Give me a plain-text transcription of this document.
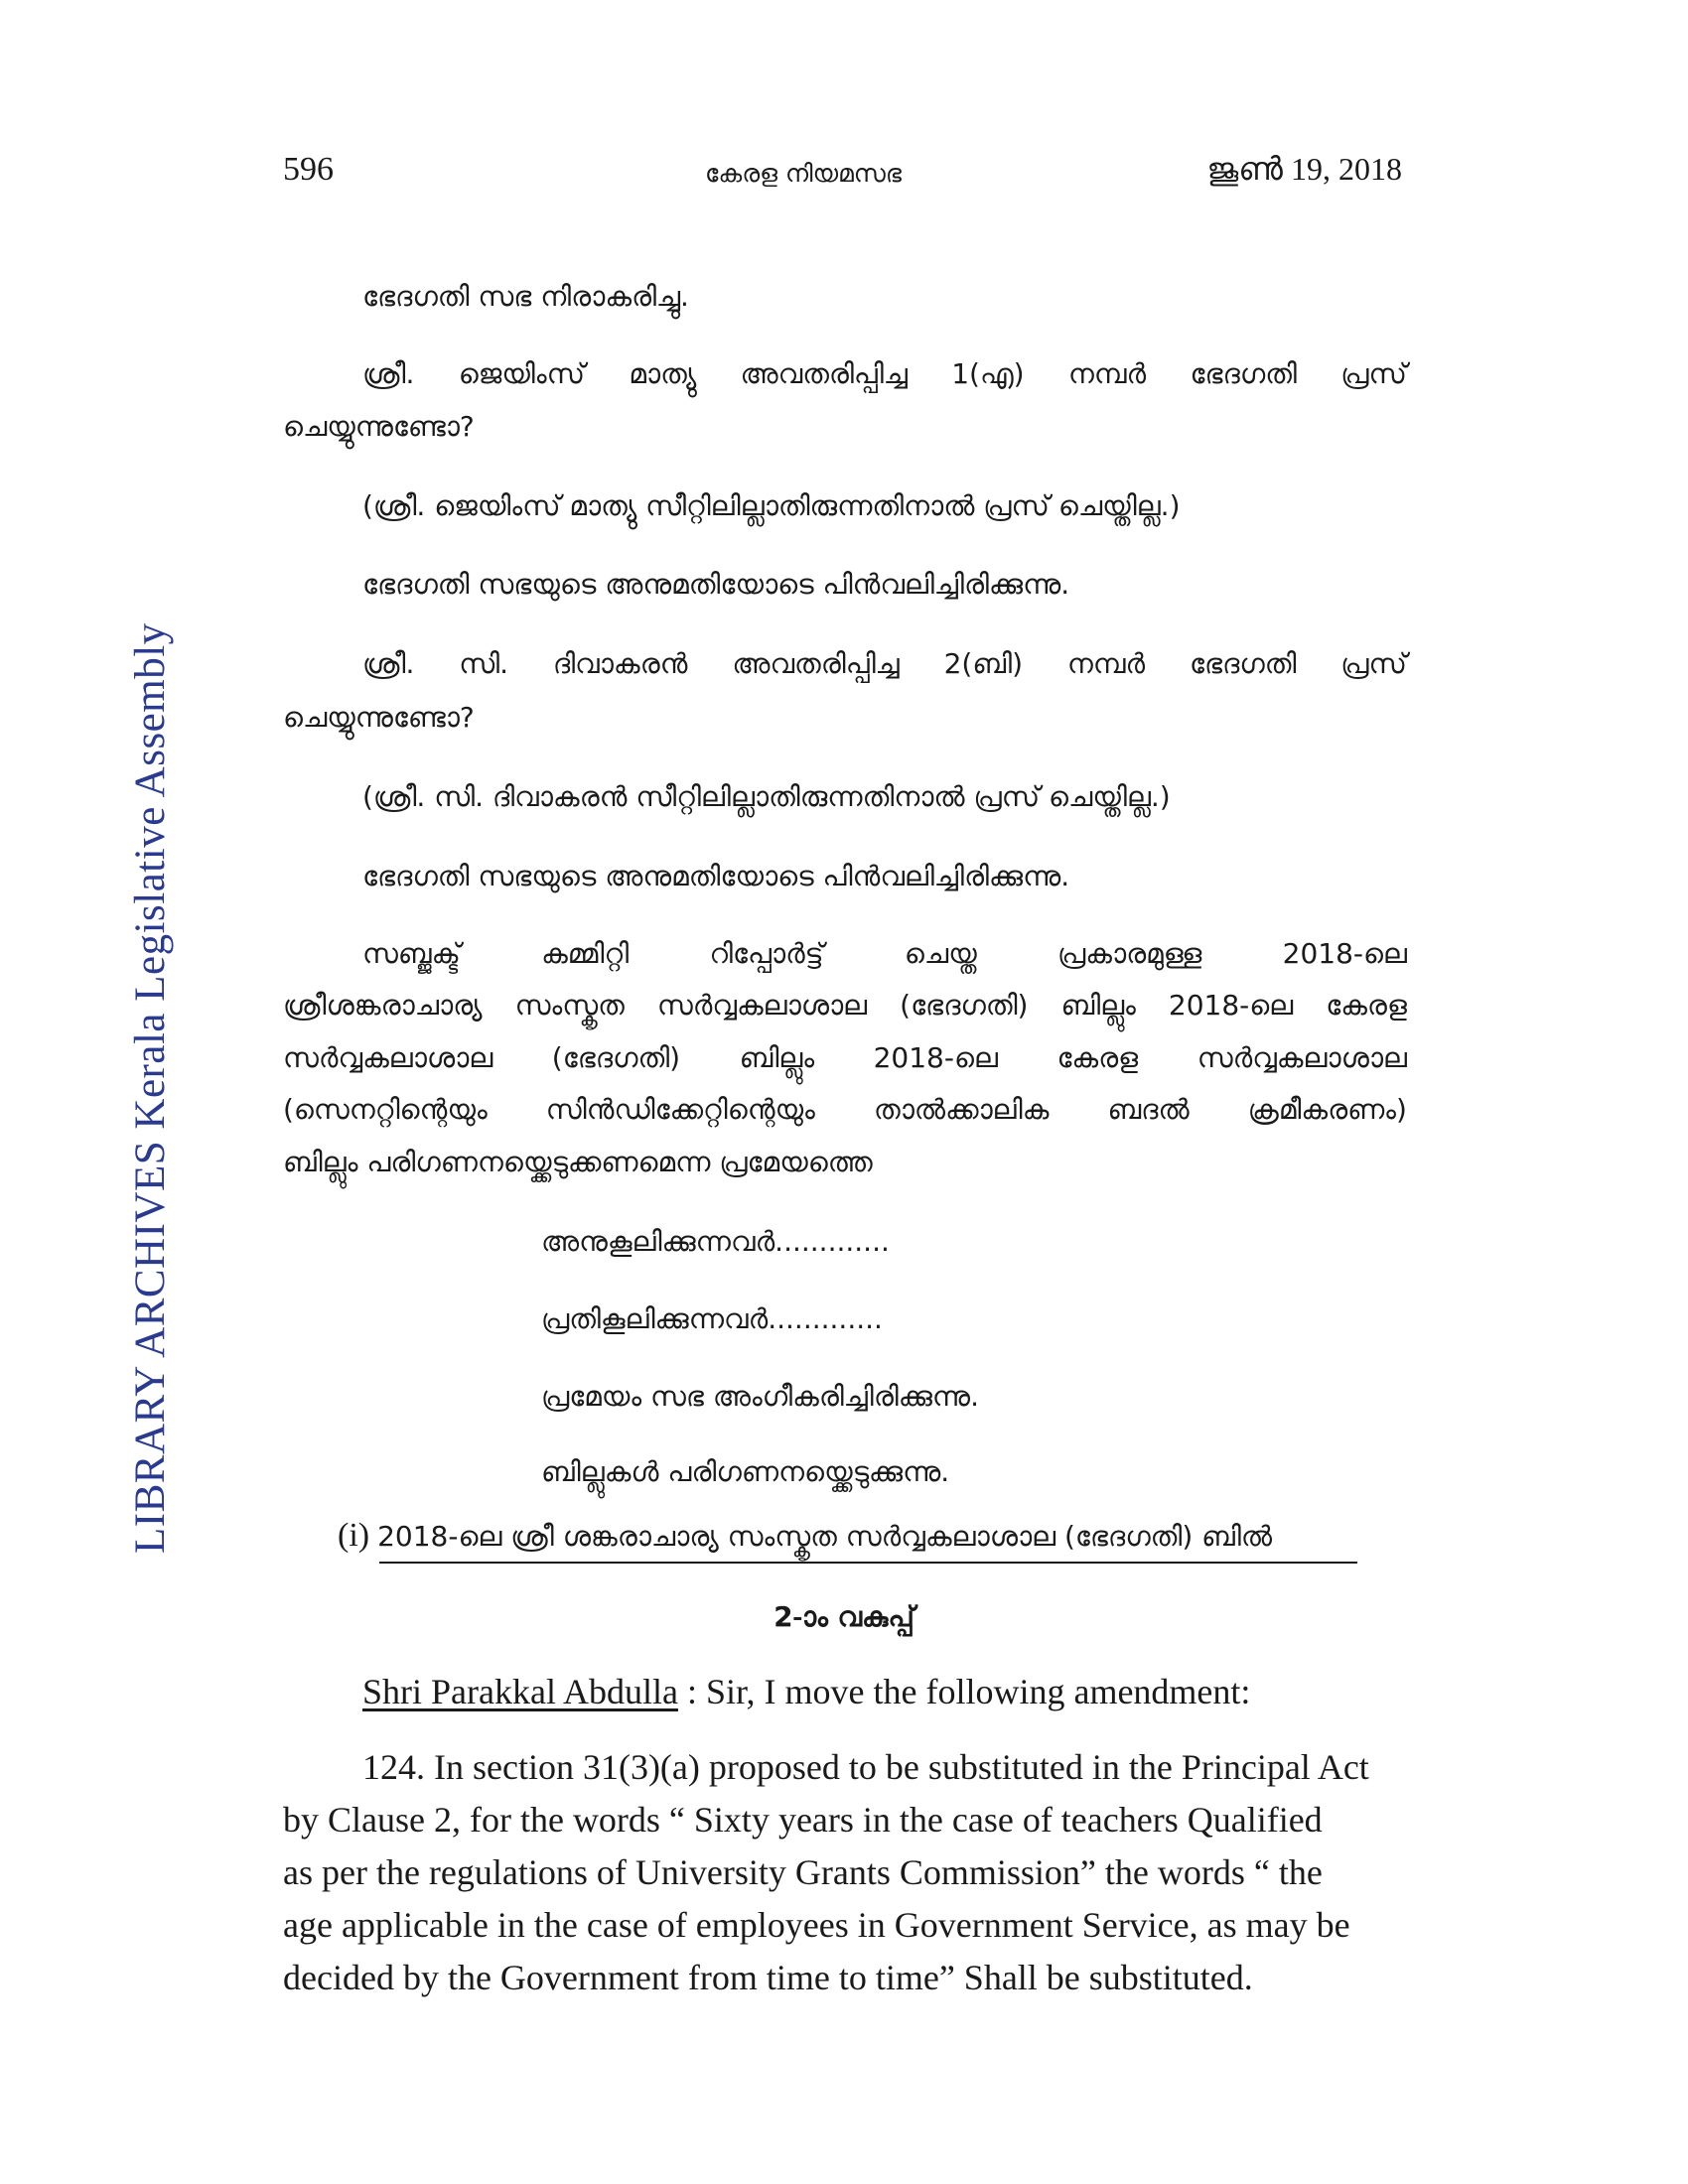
LIBRARY ARCHIVES Kerala Legislative Assembly
596	കേരള നിയമസഭ	ജൂൺ 19, 2018
ഭേദഗതി സഭ നിരാകരിച്ചു.
ശ്രീ. ജെയിംസ് മാത്യു അവതരിപ്പിച്ച 1(എ) നമ്പർ ഭേദഗതി പ്രസ്
ചെയ്യുന്നുണ്ടോ?
(ശ്രീ. ജെയിംസ് മാത്യു സീറ്റിലില്ലാതിരുന്നതിനാൽ പ്രസ് ചെയ്തില്ല.)
ഭേദഗതി സഭയുടെ അനുമതിയോടെ പിൻവലിച്ചിരിക്കുന്നു.
ശ്രീ. സി. ദിവാകരൻ അവതരിപ്പിച്ച 2(ബി) നമ്പർ ഭേദഗതി പ്രസ്
ചെയ്യുന്നുണ്ടോ?
(ശ്രീ. സി. ദിവാകരൻ സീറ്റിലില്ലാതിരുന്നതിനാൽ പ്രസ് ചെയ്തില്ല.)
ഭേദഗതി സഭയുടെ അനുമതിയോടെ പിൻവലിച്ചിരിക്കുന്നു.
സബ്ജക്ട്	കമ്മിറ്റി	റിപ്പോർട്ട്	ചെയ്ത	പ്രകാരമുള്ള	2018-ലെ
ശ്രീശങ്കരാചാര്യ സംസ്കൃത സർവ്വകലാശാല (ഭേദഗതി) ബില്ലും 2018-ലെ കേരള
സർവ്വകലാശാല (ഭേദഗതി) ബില്ലും 2018-ലെ കേരള സർവ്വകലാശാല
(സെനറ്റിന്റെയും സിൻഡിക്കേറ്റിന്റെയും താൽക്കാലിക ബദൽ ക്രമീകരണം)
ബില്ലും പരിഗണനയ്ക്കെടുക്കണമെന്ന പ്രമേയത്തെ
അനുകൂലിക്കുന്നവർ.............
പ്രതികൂലിക്കുന്നവർ.............
പ്രമേയം സഭ അംഗീകരിച്ചിരിക്കുന്നു.
ബില്ലുകൾ പരിഗണനയ്ക്കെടുക്കുന്നു.
(i) 2018-ലെ ശ്രീ ശങ്കരാചാര്യ സംസ്കൃത സർവ്വകലാശാല (ഭേദഗതി) ബിൽ
2-ാം വകുപ്പ്
Shri Parakkal Abdulla : Sir, I move the following amendment:
124. In section 31(3)(a) proposed to be substituted in the Principal Act
by Clause 2, for the words “ Sixty years in the case of teachers Qualified
as per the regulations of University Grants Commission” the words “ the
age applicable in the case of employees in Government Service, as may be
decided by the Government from time to time” Shall be substituted.
